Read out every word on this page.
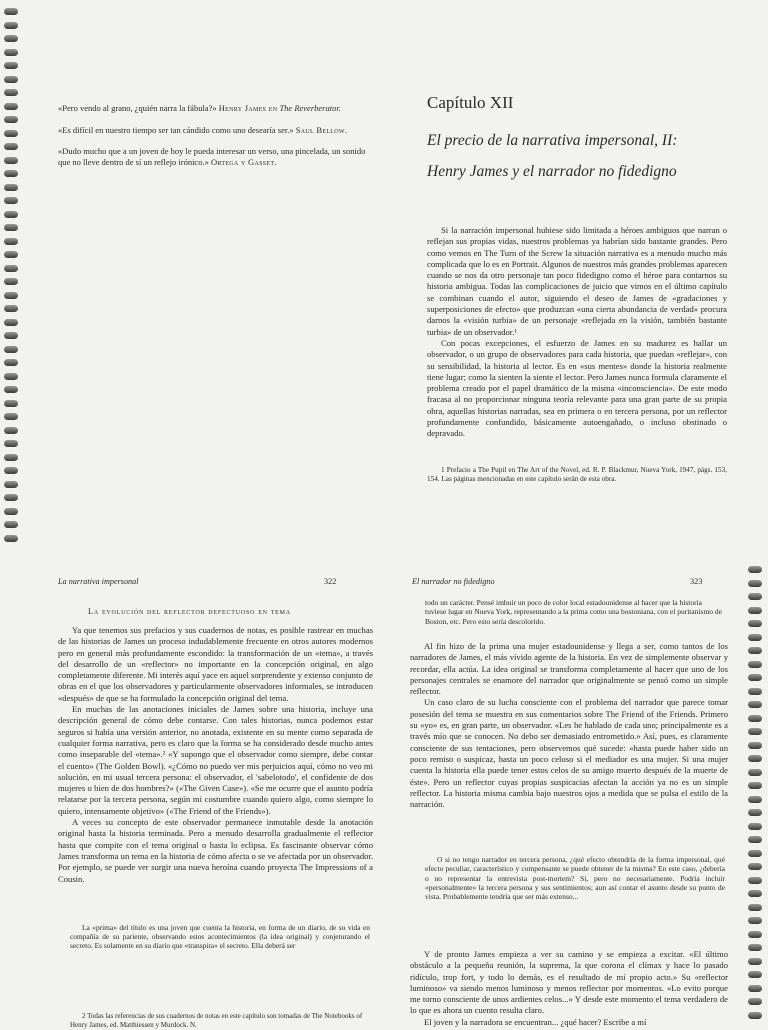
«Pero vendo al grano, ¿quién narra la fábula?» Henry James en The Reverberator.
«Es difícil en nuestro tiempo ser tan cándido como uno desearía ser.» Saul Bellow.
«Dudo mucho que a un joven de hoy le pueda interesar un verso, una pincelada, un sonido que no lleve dentro de sí un reflejo irónico.» Ortega y Gasset.
Capítulo XII
El precio de la narrativa impersonal, II:
Henry James y el narrador no fidedigno

Si la narración impersonal hubiese sido limitada a héroes ambiguos que narran o reflejan sus propias vidas, nuestros problemas ya habrían sido bastante grandes. Pero como vemos en The Turn of the Screw la situación narrativa es a menudo mucho más complicada que lo es en Portrait. Algunos de nuestros más grandes problemas aparecen cuando se nos da otro personaje tan poco fidedigno como el héroe para contarnos su historia ambigua. Todas las complicaciones de juicio que vimos en el último capítulo se combinan cuando el autor, siguiendo el deseo de James de «gradaciones y superposiciones de efecto» que produzcan «una cierta abundancia de verdad» procura darnos la «visión turbia» de un personaje «reflejada en la visión, también bastante turbia» de un observador.¹

Con pocas excepciones, el esfuerzo de James en su madurez es hallar un observador, o un grupo de observadores para cada historia, que puedan «reflejar», con su sensibilidad, la historia al lector. Es en «sus mentes» donde la historia realmente tiene lugar; como la sienten la siente el lector. Pero James nunca formula claramente el problema creado por el papel dramático de la misma «inconsciencia». De este modo fracasa al no proporcionar ninguna teoría relevante para una gran parte de su propia obra, aquellas historias narradas, sea en primera o en tercera persona, por un reflector profundamente confundido, básicamente autoengañado, o incluso obstinado o depravado.

1 Prefacio a The Pupil en The Art of the Novel, ed. R. P. Blackmur, Nueva York, 1947, págs. 153, 154. Las páginas mencionadas en este capítulo serán de esta obra.
La narrativa impersonal	322
La evolución del reflector defectuoso en tema

Ya que tenemos sus prefacios y sus cuadernos de notas, es posible rastrear en muchas de las historias de James un proceso indudablemente frecuente en otros autores modernos pero en general más profundamente escondido: la transformación de un «tema», a través del desarrollo de un «reflector» no importante en la concepción original, en algo completamente diferente. Mi interés aquí yace en aquel sorprendente y extenso conjunto de obras en el que los observadores y particularmente observadores informales, se introducen «después» de que se ha formulado la concepción original del tema.

En muchas de las anotaciones iniciales de James sobre una historia, incluye una descripción general de cómo debe contarse. Con tales historias, nunca podemos estar seguros si había una versión anterior, no anotada, existente en su mente como separada de cualquier forma narrativa, pero es claro que la forma se ha considerado desde mucho antes como inseparable del «tema».² «Y supongo que el observador como siempre, debe contar el cuento» (The Golden Bowl). «¿Cómo no puedo ver mis perjuicios aquí, cómo no veo mi solución, en mi usual tercera persona: el observador, el 'sabelotodo', el confidente de dos mujeres o bien de dos hombres?» («The Given Case»). «Se me ocurre que el asunto podría relatarse por la tercera persona, según mi costumbre cuando quiero algo, como siempre lo quiero, intensamente objetivo» («The Friend of the Friends»).

A veces su concepto de este observador permanece inmutable desde la anotación original hasta la historia terminada. Pero a menudo desarrolla gradualmente el reflector hasta que compite con el tema original o hasta lo eclipsa. Es fascinante observar cómo James transforma un tema en la historia de cómo afecta o se ve afectada por un observador. Por ejemplo, se puede ver surgir una nueva heroína cuando proyecta The Impressions of a Cousin.

La «prima» del título es una joven que cuenta la historia, en forma de un diario, de su vida en compañía de su pariente, observando estos acontecimientos (la idea original) y conjeturando el secreto. Es solamente en su diario que «transpira» el secreto. Ella deberá ser

2 Todas las referencias de sus cuadernos de notas en este capítulo son tomadas de The Notebooks of Henry James, ed. Matthiessen y Murdock. N.
El narrador no fidedigno	323
todo un carácter. Pensé imbuir un poco de color local estadounidense al hacer que la historia tuviese lugar en Nueva York, representando a la prima como una bostoniana, con el puritanismo de Boston, etc. Pero esto sería descolorido.

Al fin hizo de la prima una mujer estadounidense y llega a ser, como tantos de los narradores de James, el más vívido agente de la historia. En vez de simplemente observar y recordar, ella actúa. La idea original se transforma completamente al hacer que uno de los personajes centrales se enamore del narrador que originalmente se pensó como un simple reflector.

Un caso claro de su lucha consciente con el problema del narrador que parece tomar posesión del tema se muestra en sus comentarios sobre The Friend of the Friends. Primero su «yo» es, en gran parte, un observador. «Les he hablado de cada uno; principalmente es a través mío que se conocen. No debo ser demasiado entrometido.» Así, pues, es claramente consciente de sus tentaciones, pero observemos qué sucede: «hasta puede haber sido un poco remiso o suspicaz, hasta un poco celoso si el mediador es una mujer. Si una mujer cuenta la historia ella puede tener estos celos de su amigo muerto después de la muerte de éste». Pero un reflector cuyas propias suspicacias afectan la acción ya no es un simple reflector. La historia misma cambia bajo nuestros ojos a medida que se pulsa el estilo de la narración.

O si no tengo narrador en tercera persona, ¿qué efecto obtendría de la forma impersonal, qué efecto peculiar, característico y compensante se puede obtener de la misma? En este caso, ¿debería o no representar la entrevista post-mortem? Si, pero no necesariamente. Podría incluir «personalmente» la tercera persona y sus sentimientos; aun así contar el asunto desde su punto de vista. Probablemente tendría que ser más extenso...

Y de pronto James empieza a ver su camino y se empieza a excitar. «El último obstáculo a la pequeña reunión, la suprema, la que corona el clímax y hace lo pasado ridículo, trop fort, y todo lo demás, es el resultado de mí propio acto.» Su «reflector luminoso» va siendo menos luminoso y menos reflector por momentos. «Lo evito porque me torno consciente de unos ardientes celos...» Y desde este momento el tema verdadero de lo que es ahora un cuento resulta claro.

El joven y la narradora se encuentran... ¿qué hacer? Escribe a mí
